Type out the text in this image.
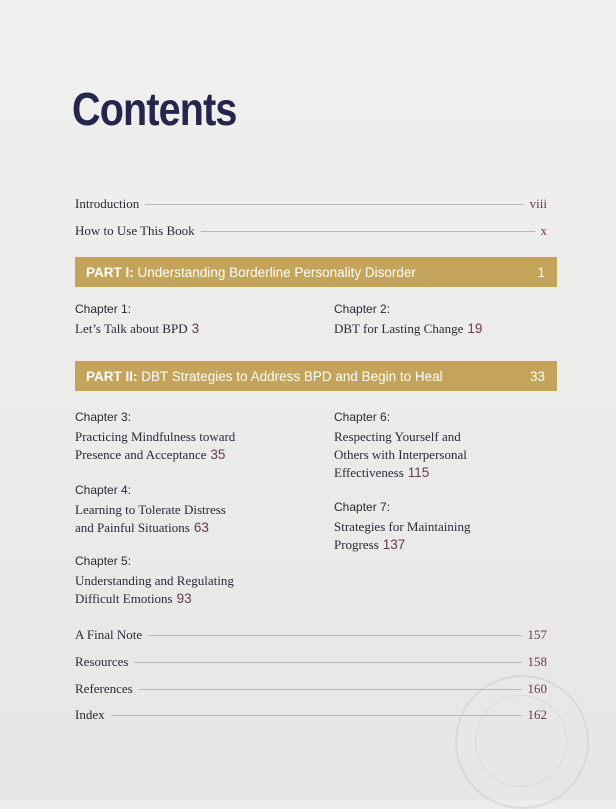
Contents
Introduction	viii
How to Use This Book	x
PART I: Understanding Borderline Personality Disorder	1
Chapter 1:
Let’s Talk about BPD 3
Chapter 2:
DBT for Lasting Change 19
PART II: DBT Strategies to Address BPD and Begin to Heal	33
Chapter 3:
Practicing Mindfulness toward
Presence and Acceptance 35
Chapter 4:
Learning to Tolerate Distress
and Painful Situations 63
Chapter 5:
Understanding and Regulating
Difficult Emotions 93
Chapter 6:
Respecting Yourself and
Others with Interpersonal
Effectiveness 115
Chapter 7:
Strategies for Maintaining
Progress 137
A Final Note	157
Resources	158
References	160
Index	162
